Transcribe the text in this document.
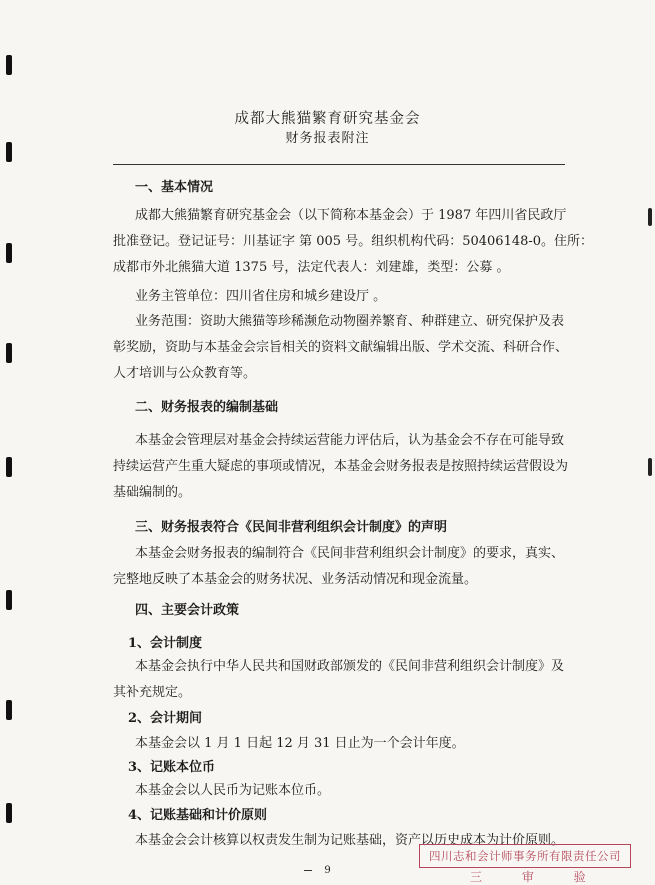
成都大熊猫繁育研究基金会
财务报表附注
一、基本情况
成都大熊猫繁育研究基金会（以下简称本基金会）于 1987 年四川省民政厅
批准登记。登记证号：川基证字 第 005 号。组织机构代码：50406148-0。住所：
成都市外北熊猫大道 1375 号，法定代表人：刘建雄，类型：公募 。
业务主管单位：四川省住房和城乡建设厅 。
业务范围：资助大熊猫等珍稀濒危动物圈养繁育、种群建立、研究保护及表
彰奖励，资助与本基金会宗旨相关的资料文献编辑出版、学术交流、科研合作、
人才培训与公众教育等。
二、财务报表的编制基础
本基金会管理层对基金会持续运营能力评估后，认为基金会不存在可能导致
持续运营产生重大疑虑的事项或情况，本基金会财务报表是按照持续运营假设为
基础编制的。
三、财务报表符合《民间非营利组织会计制度》的声明
本基金会财务报表的编制符合《民间非营利组织会计制度》的要求，真实、
完整地反映了本基金会的财务状况、业务活动情况和现金流量。
四、主要会计政策
1、会计制度
本基金会执行中华人民共和国财政部颁发的《民间非营利组织会计制度》及
其补充规定。
2、会计期间
本基金会以 1 月 1 日起 12 月 31 日止为一个会计年度。
3、记账本位币
本基金会以人民币为记账本位币。
4、记账基础和计价原则
本基金会会计核算以权责发生制为记账基础，资产以历史成本为计价原则。
四川志和会计师事务所有限责任公司
三 审 验
9
